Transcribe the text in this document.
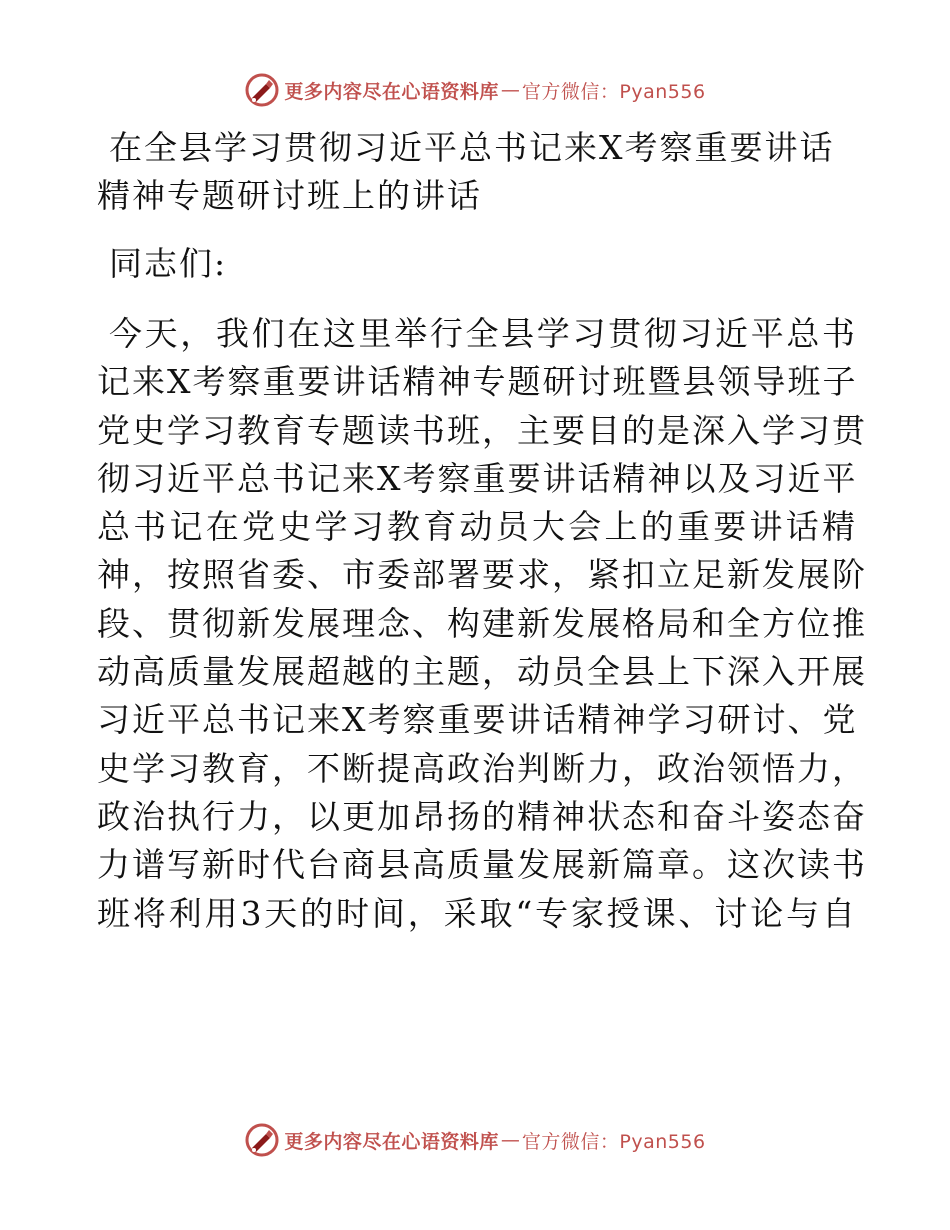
更多内容尽在心语资料库 — 官方微信：Pyan556
在全县学习贯彻习近平总书记来X考察重要讲话
精神专题研讨班上的讲话

同志们:

今天，我们在这里举行全县学习贯彻习近平总书
记来X考察重要讲话精神专题研讨班暨县领导班子
党史学习教育专题读书班，主要目的是深入学习贯
彻习近平总书记来X考察重要讲话精神以及习近平
总书记在党史学习教育动员大会上的重要讲话精
神，按照省委、市委部署要求，紧扣立足新发展阶
段、贯彻新发展理念、构建新发展格局和全方位推
动高质量发展超越的主题，动员全县上下深入开展
习近平总书记来X考察重要讲话精神学习研讨、党
史学习教育，不断提高政治判断力，政治领悟力，
政治执行力，以更加昂扬的精神状态和奋斗姿态奋
力谱写新时代台商县高质量发展新篇章。这次读书
班将利用3天的时间，采取“专家授课、讨论与自

更多内容尽在心语资料库 — 官方微信：Pyan556
